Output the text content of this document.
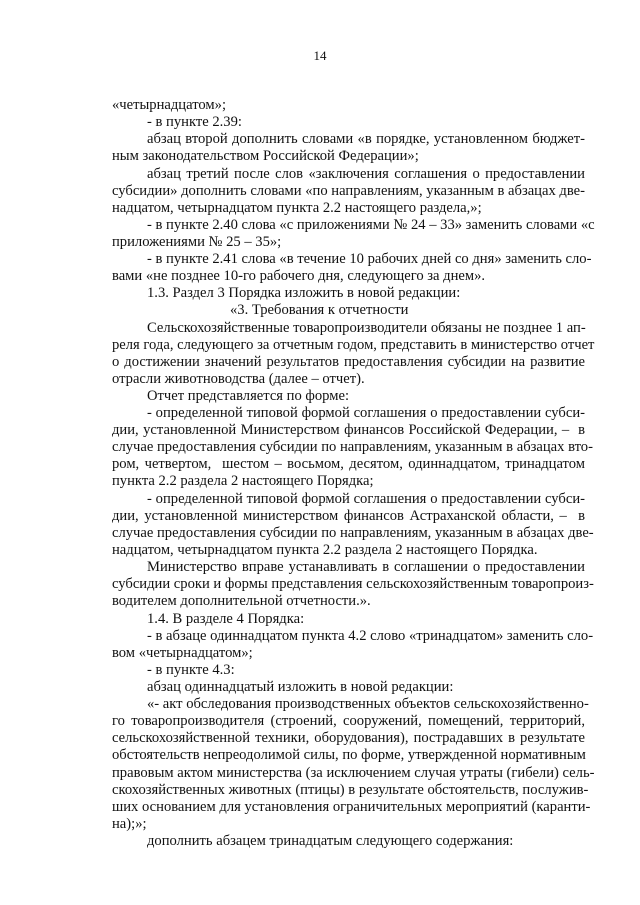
14
«четырнадцатом»;
- в пункте 2.39:
абзац второй дополнить словами «в порядке, установленном бюджет-
ным законодательством Российской Федерации»;
абзац третий после слов «заключения соглашения о предоставлении
субсидии» дополнить словами «по направлениям, указанным в абзацах две-
надцатом, четырнадцатом пункта 2.2 настоящего раздела,»;
- в пункте 2.40 слова «с приложениями № 24 – 33» заменить словами «с
приложениями № 25 – 35»;
- в пункте 2.41 слова «в течение 10 рабочих дней со дня» заменить сло-
вами «не позднее 10-го рабочего дня, следующего за днем».
1.3. Раздел 3 Порядка изложить в новой редакции:
«3. Требования к отчетности
Сельскохозяйственные товаропроизводители обязаны не позднее 1 ап-
реля года, следующего за отчетным годом, представить в министерство отчет
о достижении значений результатов предоставления субсидии на развитие
отрасли животноводства (далее – отчет).
Отчет представляется по форме:
- определенной типовой формой соглашения о предоставлении субси-
дии, установленной Министерством финансов Российской Федерации, –  в
случае предоставления субсидии по направлениям, указанным в абзацах вто-
ром, четвертом,  шестом – восьмом, десятом, одиннадцатом, тринадцатом
пункта 2.2 раздела 2 настоящего Порядка;
- определенной типовой формой соглашения о предоставлении субси-
дии, установленной министерством финансов Астраханской области, –  в
случае предоставления субсидии по направлениям, указанным в абзацах две-
надцатом, четырнадцатом пункта 2.2 раздела 2 настоящего Порядка.
Министерство вправе устанавливать в соглашении о предоставлении
субсидии сроки и формы представления сельскохозяйственным товаропроиз-
водителем дополнительной отчетности.».
1.4. В разделе 4 Порядка:
- в абзаце одиннадцатом пункта 4.2 слово «тринадцатом» заменить сло-
вом «четырнадцатом»;
- в пункте 4.3:
абзац одиннадцатый изложить в новой редакции:
«- акт обследования производственных объектов сельскохозяйственно-
го товаропроизводителя (строений, сооружений, помещений, территорий,
сельскохозяйственной техники, оборудования), пострадавших в результате
обстоятельств непреодолимой силы, по форме, утвержденной нормативным
правовым актом министерства (за исключением случая утраты (гибели) сель-
скохозяйственных животных (птицы) в результате обстоятельств, послужив-
ших основанием для установления ограничительных мероприятий (каранти-
на);»;
дополнить абзацем тринадцатым следующего содержания:
